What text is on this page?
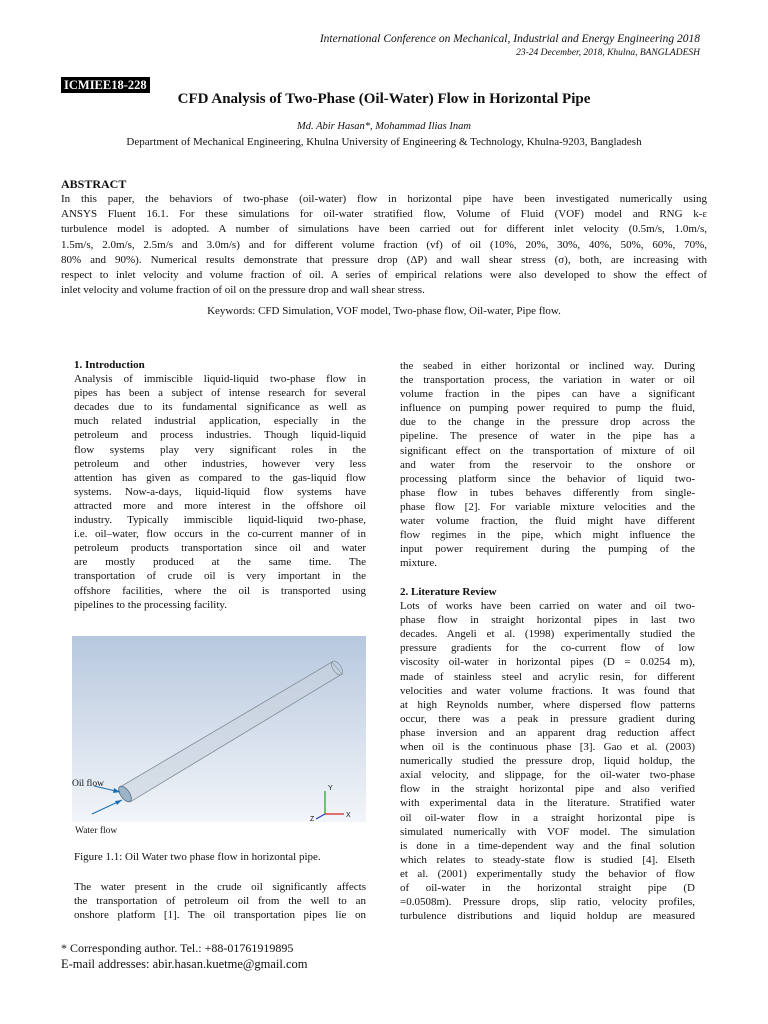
International Conference on Mechanical, Industrial and Energy Engineering 2018
23-24 December, 2018, Khulna, BANGLADESH
ICMIEE18-228
CFD Analysis of Two-Phase (Oil-Water) Flow in Horizontal Pipe
Md. Abir Hasan*, Mohammad Ilias Inam
Department of Mechanical Engineering, Khulna University of Engineering & Technology, Khulna-9203, Bangladesh
ABSTRACT
In this paper, the behaviors of two-phase (oil-water) flow in horizontal pipe have been investigated numerically using
ANSYS Fluent 16.1. For these simulations for oil-water stratified flow, Volume of Fluid (VOF) model and RNG k-ε
turbulence model is adopted. A number of simulations have been carried out for different inlet velocity (0.5m/s, 1.0m/s,
1.5m/s, 2.0m/s, 2.5m/s and 3.0m/s) and for different volume fraction (vf) of oil (10%, 20%, 30%, 40%, 50%, 60%, 70%,
80% and 90%). Numerical results demonstrate that pressure drop (ΔP) and wall shear stress (σ), both, are increasing with
respect to inlet velocity and volume fraction of oil. A series of empirical relations were also developed to show the effect of
inlet velocity and volume fraction of oil on the pressure drop and wall shear stress.
Keywords: CFD Simulation, VOF model, Two-phase flow, Oil-water, Pipe flow.
1. Introduction
Analysis of immiscible liquid-liquid two-phase flow in
pipes has been a subject of intense research for several
decades due to its fundamental significance as well as
much related industrial application, especially in the
petroleum and process industries. Though liquid-liquid
flow systems play very significant roles in the
petroleum and other industries, however very less
attention has given as compared to the gas-liquid flow
systems. Now-a-days, liquid-liquid flow systems have
attracted more and more interest in the offshore oil
industry. Typically immiscible liquid-liquid two-phase,
i.e. oil–water, flow occurs in the co-current manner of in
petroleum products transportation since oil and water
are mostly produced at the same time. The
transportation of crude oil is very important in the
offshore facilities, where the oil is transported using
pipelines to the processing facility.
Y
X
Z
Oil flow
Water flow
Figure 1.1: Oil Water two phase flow in horizontal pipe.
The water present in the crude oil significantly affects
the transportation of petroleum oil from the well to an
onshore platform [1]. The oil transportation pipes lie on
the seabed in either horizontal or inclined way. During
the transportation process, the variation in water or oil
volume fraction in the pipes can have a significant
influence on pumping power required to pump the fluid,
due to the change in the pressure drop across the
pipeline. The presence of water in the pipe has a
significant effect on the transportation of mixture of oil
and water from the reservoir to the onshore or
processing platform since the behavior of liquid two-
phase flow in tubes behaves differently from single-
phase flow [2]. For variable mixture velocities and the
water volume fraction, the fluid might have different
flow regimes in the pipe, which might influence the
input power requirement during the pumping of the
mixture.
2. Literature Review
Lots of works have been carried on water and oil two-
phase flow in straight horizontal pipes in last two
decades. Angeli et al. (1998) experimentally studied the
pressure gradients for the co-current flow of low
viscosity oil-water in horizontal pipes (D = 0.0254 m),
made of stainless steel and acrylic resin, for different
velocities and water volume fractions. It was found that
at high Reynolds number, where dispersed flow patterns
occur, there was a peak in pressure gradient during
phase inversion and an apparent drag reduction affect
when oil is the continuous phase [3]. Gao et al. (2003)
numerically studied the pressure drop, liquid holdup, the
axial velocity, and slippage, for the oil-water two-phase
flow in the straight horizontal pipe and also verified
with experimental data in the literature. Stratified water
oil oil-water flow in a straight horizontal pipe is
simulated numerically with VOF model. The simulation
is done in a time-dependent way and the final solution
which relates to steady-state flow is studied [4]. Elseth
et al. (2001) experimentally study the behavior of flow
of oil-water in the horizontal straight pipe (D
=0.0508m). Pressure drops, slip ratio, velocity profiles,
turbulence distributions and liquid holdup are measured
* Corresponding author. Tel.: +88-01761919895
E-mail addresses: abir.hasan.kuetme@gmail.com
